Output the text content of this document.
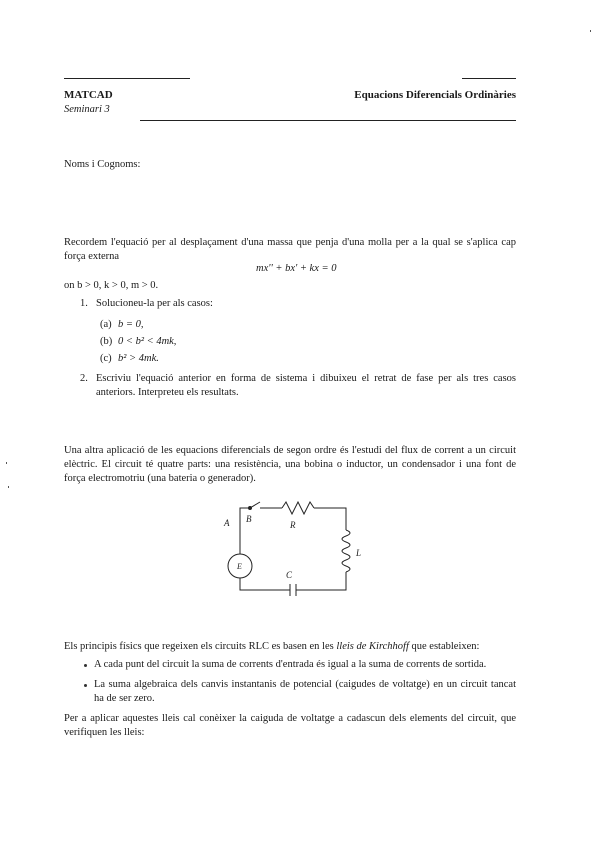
MATCAD	Equacions Diferencials Ordinàries
Seminari 3
Noms i Cognoms:
Recordem l'equació per al desplaçament d'una massa que penja d'una molla per a la qual se s'aplica cap força externa
mx'' + bx' + kx = 0
on b > 0, k > 0, m > 0.
1. Solucioneu-la per als casos:
(a) b = 0,
(b) 0 < b² < 4mk,
(c) b² > 4mk.
2. Escriviu l'equació anterior en forma de sistema i dibuixeu el retrat de fase per als tres casos anteriors. Interpreteu els resultats.
Una altra aplicació de les equacions diferencials de segon ordre és l'estudi del flux de corrent a un circuit elèctric. El circuit té quatre parts: una resistència, una bobina o inductor, un condensador i una font de força electromotriu (una bateria o generador).
A B
R
L
C
E
Els principis físics que regeixen els circuits RLC es basen en les lleis de Kirchhoff que estableixen:
A cada punt del circuit la suma de corrents d'entrada és igual a la suma de corrents de sortida.
La suma algebraica dels canvis instantanis de potencial (caigudes de voltatge) en un circuit tancat ha de ser zero.
Per a aplicar aquestes lleis cal conèixer la caiguda de voltatge a cadascun dels elements del circuit, que verifiquen les lleis:
